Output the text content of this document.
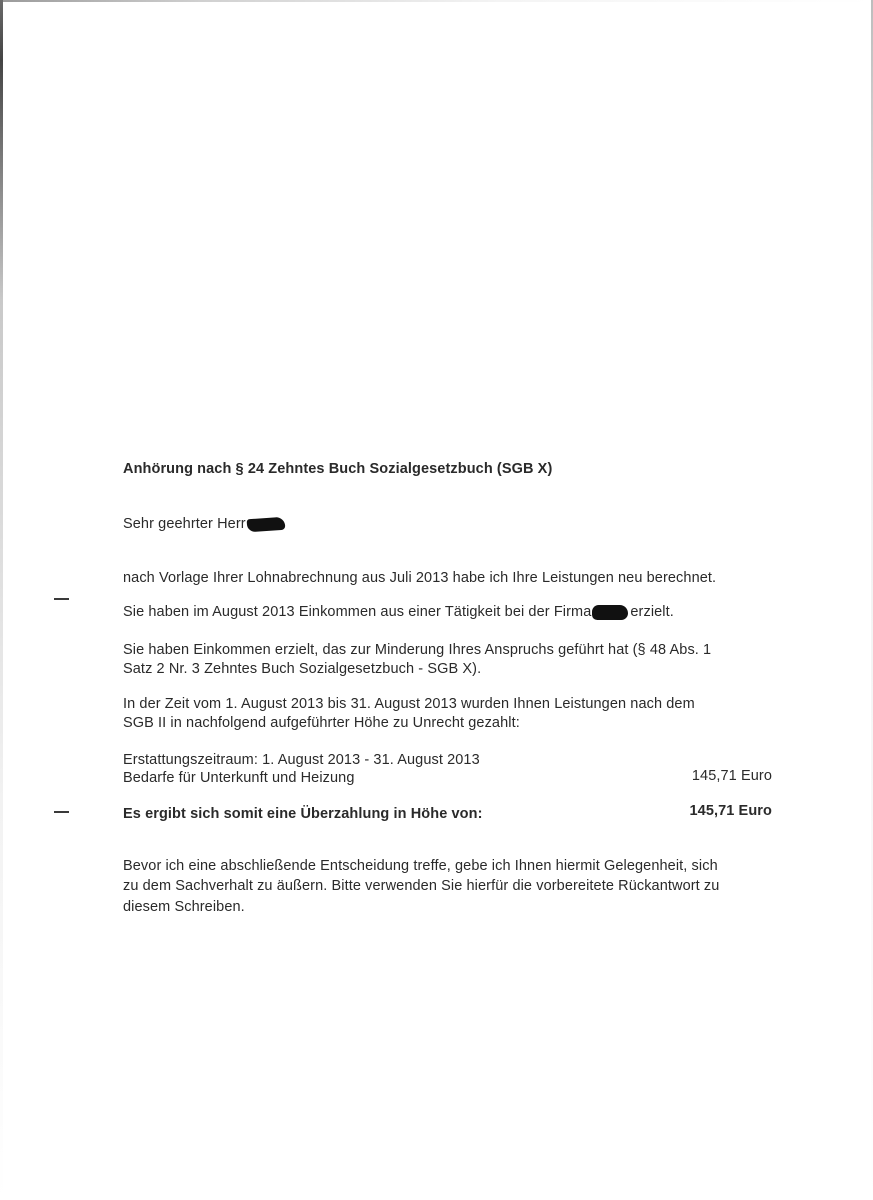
Anhörung nach § 24 Zehntes Buch Sozialgesetzbuch (SGB X)
Sehr geehrter Herr
nach Vorlage Ihrer Lohnabrechnung aus Juli 2013 habe ich Ihre Leistungen neu berechnet.
Sie haben im August 2013 Einkommen aus einer Tätigkeit bei der Firma	erzielt.
Sie haben Einkommen erzielt, das zur Minderung Ihres Anspruchs geführt hat (§ 48 Abs. 1
Satz 2 Nr. 3 Zehntes Buch Sozialgesetzbuch - SGB X).
In der Zeit vom 1. August 2013 bis 31. August 2013 wurden Ihnen Leistungen nach dem
SGB II in nachfolgend aufgeführter Höhe zu Unrecht gezahlt:
Erstattungszeitraum: 1. August 2013 - 31. August 2013
Bedarfe für Unterkunft und Heizung	145,71 Euro
Es ergibt sich somit eine Überzahlung in Höhe von:	145,71 Euro
Bevor ich eine abschließende Entscheidung treffe, gebe ich Ihnen hiermit Gelegenheit, sich
zu dem Sachverhalt zu äußern. Bitte verwenden Sie hierfür die vorbereitete Rückantwort zu
diesem Schreiben.
